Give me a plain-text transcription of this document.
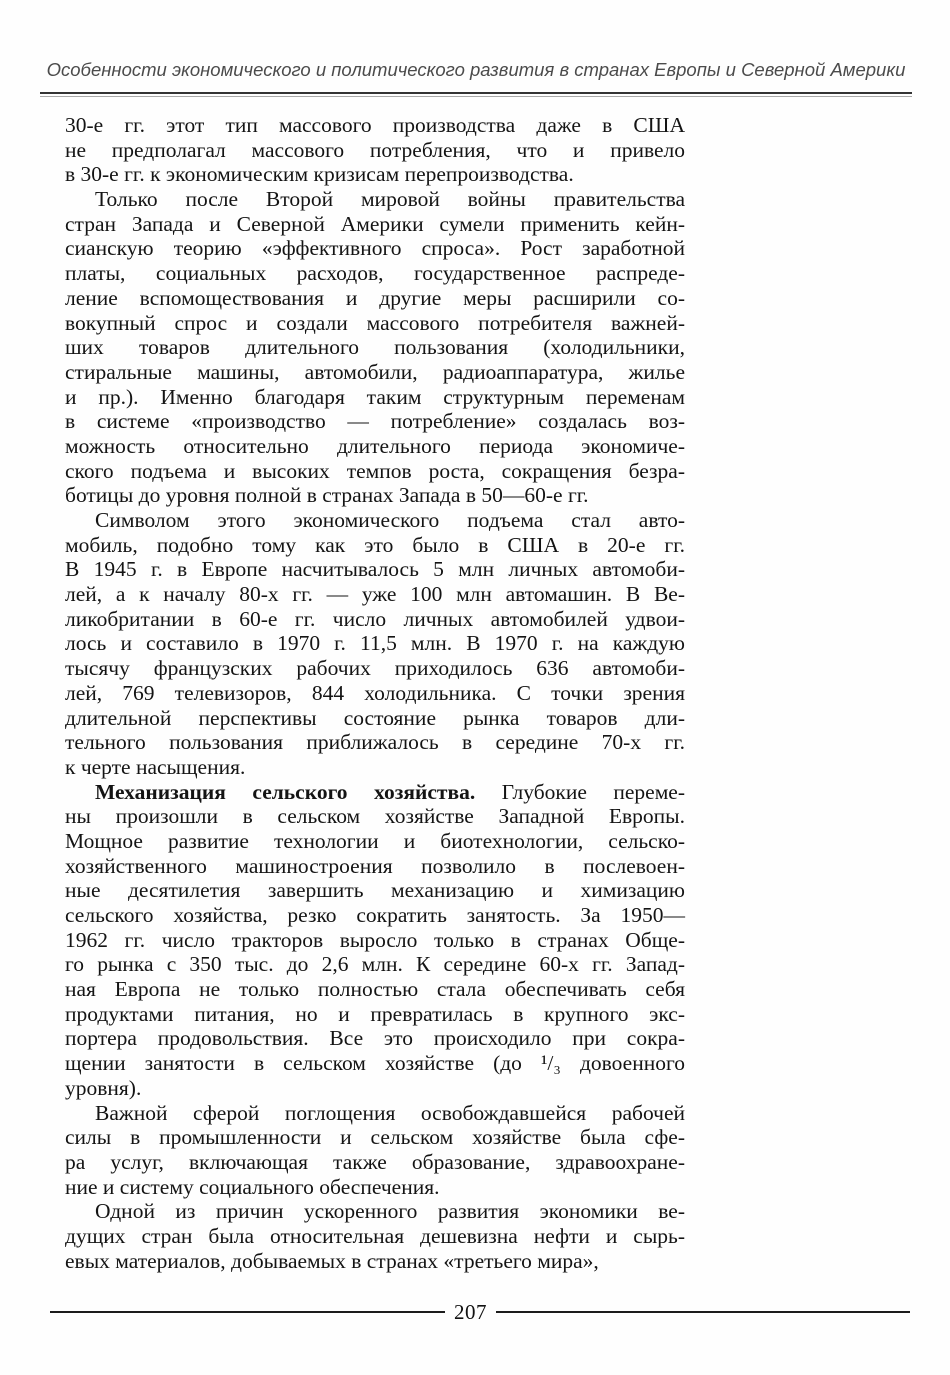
Особенности экономического и политического развития в странах Европы и Северной Америки
30-е гг. этот тип массового производства даже в США
не предполагал массового потребления, что и привело
в 30-е гг. к экономическим кризисам перепроизводства.
Только после Второй мировой войны правительства
стран Запада и Северной Америки сумели применить кейн-
сианскую теорию «эффективного спроса». Рост заработной
платы, социальных расходов, государственное распреде-
ление вспомоществования и другие меры расширили со-
вокупный спрос и создали массового потребителя важней-
ших товаров длительного пользования (холодильники,
стиральные машины, автомобили, радиоаппаратура, жилье
и пр.). Именно благодаря таким структурным переменам
в системе «производство — потребление» создалась воз-
можность относительно длительного периода экономиче-
ского подъема и высоких темпов роста, сокращения безра-
ботицы до уровня полной в странах Запада в 50—60-е гг.
Символом этого экономического подъема стал авто-
мобиль, подобно тому как это было в США в 20-е гг.
В 1945 г. в Европе насчитывалось 5 млн личных автомоби-
лей, а к началу 80-х гг. — уже 100 млн автомашин. В Ве-
ликобритании в 60-е гг. число личных автомобилей удвои-
лось и составило в 1970 г. 11,5 млн. В 1970 г. на каждую
тысячу французских рабочих приходилось 636 автомоби-
лей, 769 телевизоров, 844 холодильника. С точки зрения
длительной перспективы состояние рынка товаров дли-
тельного пользования приближалось в середине 70-х гг.
к черте насыщения.
Механизация сельского хозяйства. Глубокие переме-
ны произошли в сельском хозяйстве Западной Европы.
Мощное развитие технологии и биотехнологии, сельско-
хозяйственного машиностроения позволило в послевоен-
ные десятилетия завершить механизацию и химизацию
сельского хозяйства, резко сократить занятость. За 1950—
1962 гг. число тракторов выросло только в странах Обще-
го рынка с 350 тыс. до 2,6 млн. К середине 60-х гг. Запад-
ная Европа не только полностью стала обеспечивать себя
продуктами питания, но и превратилась в крупного экс-
портера продовольствия. Все это происходило при сокра-
щении занятости в сельском хозяйстве (до ¹/₃ довоенного
уровня).
Важной сферой поглощения освобождавшейся рабочей
силы в промышленности и сельском хозяйстве была сфе-
ра услуг, включающая также образование, здравоохране-
ние и систему социального обеспечения.
Одной из причин ускоренного развития экономики ве-
дущих стран была относительная дешевизна нефти и сырь-
евых материалов, добываемых в странах «третьего мира»,
207
